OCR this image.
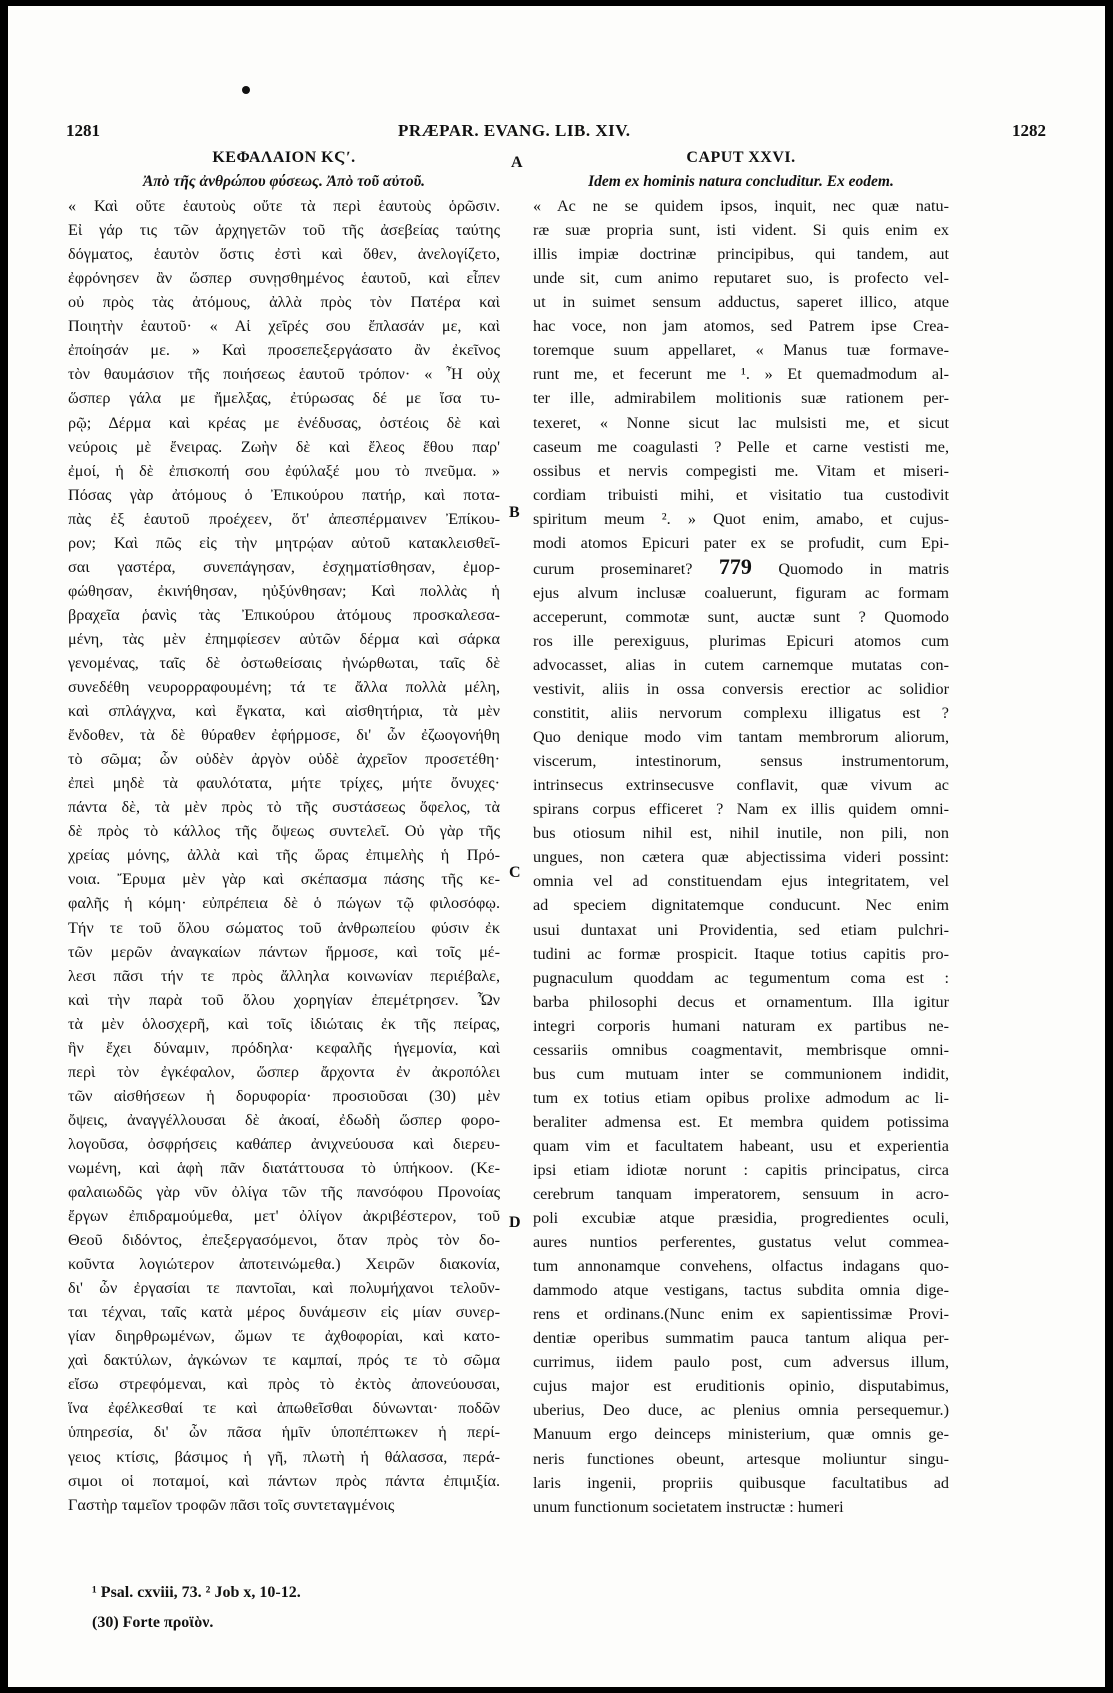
1281	PRÆPAR. EVANG. LIB. XIV.	1282
ΚΕΦΑΛΑΙΟΝ ΚϚʹ.
Ἀπὸ τῆς ἀνθρώπου φύσεως. Ἀπὸ τοῦ αὐτοῦ.
« Καὶ οὔτε ἑαυτοὺς οὔτε τὰ περὶ ἑαυτοὺς ὁρῶσιν.
Εἰ γάρ τις τῶν ἀρχηγετῶν τοῦ τῆς ἀσεβείας ταύτης
δόγματος, ἑαυτὸν ὅστις ἐστὶ καὶ ὅθεν, ἀνελογίζετο,
ἐφρόνησεν ἂν ὥσπερ συνῃσθημένος ἑαυτοῦ, καὶ εἶπεν
οὐ πρὸς τὰς ἀτόμους, ἀλλὰ πρὸς τὸν Πατέρα καὶ
Ποιητὴν ἑαυτοῦ· « Αἱ χεῖρές σου ἔπλασάν με, καὶ
ἐποίησάν με. » Καὶ προσεπεξεργάσατο ἂν ἐκεῖνος
τὸν θαυμάσιον τῆς ποιήσεως ἑαυτοῦ τρόπον· « Ἦ οὐχ
ὥσπερ γάλα με ἤμελξας, ἐτύρωσας δέ με ἴσα τυ-
ρῷ; Δέρμα καὶ κρέας με ἐνέδυσας, ὀστέοις δὲ καὶ
νεύροις μὲ ἔνειρας. Ζωὴν δὲ καὶ ἔλεος ἔθου παρ'
ἐμοί, ἡ δὲ ἐπισκοπή σου ἐφύλαξέ μου τὸ πνεῦμα. »
Πόσας γὰρ ἀτόμους ὁ Ἐπικούρου πατήρ, καὶ ποτα-
πὰς ἐξ ἑαυτοῦ προέχεεν, ὅτ' ἀπεσπέρμαινεν Ἐπίκου-
ρον; Καὶ πῶς εἰς τὴν μητρῴαν αὐτοῦ κατακλεισθεῖ-
σαι γαστέρα, συνεπάγησαν, ἐσχηματίσθησαν, ἐμορ-
φώθησαν, ἐκινήθησαν, ηὐξύνθησαν; Καὶ πολλὰς ἡ
βραχεῖα ῥανὶς τὰς Ἐπικούρου ἀτόμους προσκαλεσα-
μένη, τὰς μὲν ἐπημφίεσεν αὐτῶν δέρμα καὶ σάρκα
γενομένας, ταῖς δὲ ὀστωθείσαις ἠνώρθωται, ταῖς δὲ
συνεδέθη νευρορραφουμένη; τά τε ἄλλα πολλὰ μέλη,
καὶ σπλάγχνα, καὶ ἔγκατα, καὶ αἰσθητήρια, τὰ μὲν
ἔνδοθεν, τὰ δὲ θύραθεν ἐφήρμοσε, δι' ὧν ἐζωογονήθη
τὸ σῶμα; ὧν οὐδὲν ἀργὸν οὐδὲ ἀχρεῖον προσετέθη·
ἐπεὶ μηδὲ τὰ φαυλότατα, μήτε τρίχες, μήτε ὄνυχες·
πάντα δὲ, τὰ μὲν πρὸς τὸ τῆς συστάσεως ὄφελος, τὰ
δὲ πρὸς τὸ κάλλος τῆς ὄψεως συντελεῖ. Οὐ γὰρ τῆς
χρείας μόνης, ἀλλὰ καὶ τῆς ὥρας ἐπιμελὴς ἡ Πρό-
νοια. Ἔρυμα μὲν γὰρ καὶ σκέπασμα πάσης τῆς κε-
φαλῆς ἡ κόμη· εὐπρέπεια δὲ ὁ πώγων τῷ φιλοσόφῳ.
Τήν τε τοῦ ὅλου σώματος τοῦ ἀνθρωπείου φύσιν ἐκ
τῶν μερῶν ἀναγκαίων πάντων ἥρμοσε, καὶ τοῖς μέ-
λεσι πᾶσι τήν τε πρὸς ἄλληλα κοινωνίαν περιέβαλε,
καὶ τὴν παρὰ τοῦ ὅλου χορηγίαν ἐπεμέτρησεν. Ὧν
τὰ μὲν ὁλοσχερῆ, καὶ τοῖς ἰδιώταις ἐκ τῆς πείρας,
ἣν ἔχει δύναμιν, πρόδηλα· κεφαλῆς ἡγεμονία, καὶ
περὶ τὸν ἐγκέφαλον, ὥσπερ ἄρχοντα ἐν ἀκροπόλει
τῶν αἰσθήσεων ἡ δορυφορία· προσιοῦσαι (30) μὲν
ὄψεις, ἀναγγέλλουσαι δὲ ἀκοαί, ἐδωδὴ ὥσπερ φορο-
λογοῦσα, ὀσφρήσεις καθάπερ ἀνιχνεύουσα καὶ διερευ-
νωμένη, καὶ ἁφὴ πᾶν διατάττουσα τὸ ὑπήκοον. (Κε-
φαλαιωδῶς γὰρ νῦν ὀλίγα τῶν τῆς πανσόφου Προνοίας
ἔργων ἐπιδραμούμεθα, μετ' ὀλίγον ἀκριβέστερον, τοῦ
Θεοῦ διδόντος, ἐπεξεργασόμενοι, ὅταν πρὸς τὸν δο-
κοῦντα λογιώτερον ἀποτεινώμεθα.) Χειρῶν διακονία,
δι' ὧν ἐργασίαι τε παντοῖαι, καὶ πολυμήχανοι τελοῦν-
ται τέχναι, ταῖς κατὰ μέρος δυνάμεσιν εἰς μίαν συνερ-
γίαν διηρθρωμένων, ὤμων τε ἀχθοφορίαι, καὶ κατο-
χαὶ δακτύλων, ἀγκώνων τε καμπαί, πρός τε τὸ σῶμα
εἴσω στρεφόμεναι, καὶ πρὸς τὸ ἐκτὸς ἀπονεύουσαι,
ἵνα ἐφέλκεσθαί τε καὶ ἀπωθεῖσθαι δύνωνται· ποδῶν
ὑπηρεσία, δι' ὧν πᾶσα ἡμῖν ὑποπέπτωκεν ἡ περί-
γειος κτίσις, βάσιμος ἡ γῆ, πλωτὴ ἡ θάλασσα, περά-
σιμοι οἱ ποταμοί, καὶ πάντων πρὸς πάντα ἐπιμιξία.
Γαστὴρ ταμεῖον τροφῶν πᾶσι τοῖς συντεταγμένοις
CAPUT XXVI.
Idem ex hominis natura concluditur. Ex eodem.
« Ac ne se quidem ipsos, inquit, nec quæ natu-
ræ suæ propria sunt, isti vident. Si quis enim ex
illis impiæ doctrinæ principibus, qui tandem, aut
unde sit, cum animo reputaret suo, is profecto vel-
ut in suimet sensum adductus, saperet illico, atque
hac voce, non jam atomos, sed Patrem ipse Crea-
toremque suum appellaret, « Manus tuæ formave-
runt me, et fecerunt me ¹. » Et quemadmodum al-
ter ille, admirabilem molitionis suæ rationem per-
texeret, « Nonne sicut lac mulsisti me, et sicut
caseum me coagulasti ? Pelle et carne vestisti me,
ossibus et nervis compegisti me. Vitam et miseri-
cordiam tribuisti mihi, et visitatio tua custodivit
spiritum meum ². » Quot enim, amabo, et cujus-
modi atomos Epicuri pater ex se profudit, cum Epi-
curum proseminaret? 779 Quomodo in matris
ejus alvum inclusæ coaluerunt, figuram ac formam
acceperunt, commotæ sunt, auctæ sunt ? Quomodo
ros ille perexiguus, plurimas Epicuri atomos cum
advocasset, alias in cutem carnemque mutatas con-
vestivit, aliis in ossa conversis erectior ac solidior
constitit, aliis nervorum complexu illigatus est ?
Quo denique modo vim tantam membrorum aliorum,
viscerum, intestinorum, sensus instrumentorum,
intrinsecus extrinsecusve conflavit, quæ vivum ac
spirans corpus efficeret ? Nam ex illis quidem omni-
bus otiosum nihil est, nihil inutile, non pili, non
ungues, non cætera quæ abjectissima videri possint:
omnia vel ad constituendam ejus integritatem, vel
ad speciem dignitatemque conducunt. Nec enim
usui duntaxat uni Providentia, sed etiam pulchri-
tudini ac formæ prospicit. Itaque totius capitis pro-
pugnaculum quoddam ac tegumentum coma est :
barba philosophi decus et ornamentum. Illa igitur
integri corporis humani naturam ex partibus ne-
cessariis omnibus coagmentavit, membrisque omni-
bus cum mutuam inter se communionem indidit,
tum ex totius etiam opibus prolixe admodum ac li-
beraliter admensa est. Et membra quidem potissima
quam vim et facultatem habeant, usu et experientia
ipsi etiam idiotæ norunt : capitis principatus, circa
cerebrum tanquam imperatorem, sensuum in acro-
poli excubiæ atque præsidia, progredientes oculi,
aures nuntios perferentes, gustatus velut commea-
tum annonamque convehens, olfactus indagans quo-
dammodo atque vestigans, tactus subdita omnia dige-
rens et ordinans.(Nunc enim ex sapientissimæ Provi-
dentiæ operibus summatim pauca tantum aliqua per-
currimus, iidem paulo post, cum adversus illum,
cujus major est eruditionis opinio, disputabimus,
uberius, Deo duce, ac plenius omnia persequemur.)
Manuum ergo deinceps ministerium, quæ omnis ge-
neris functiones obeunt, artesque moliuntur singu-
laris ingenii, propriis quibusque facultatibus ad
unum functionum societatem instructæ : humeri
A
B
C
D
¹ Psal. cxviii, 73. ² Job x, 10-12.
(30) Forte προϊὸν.
